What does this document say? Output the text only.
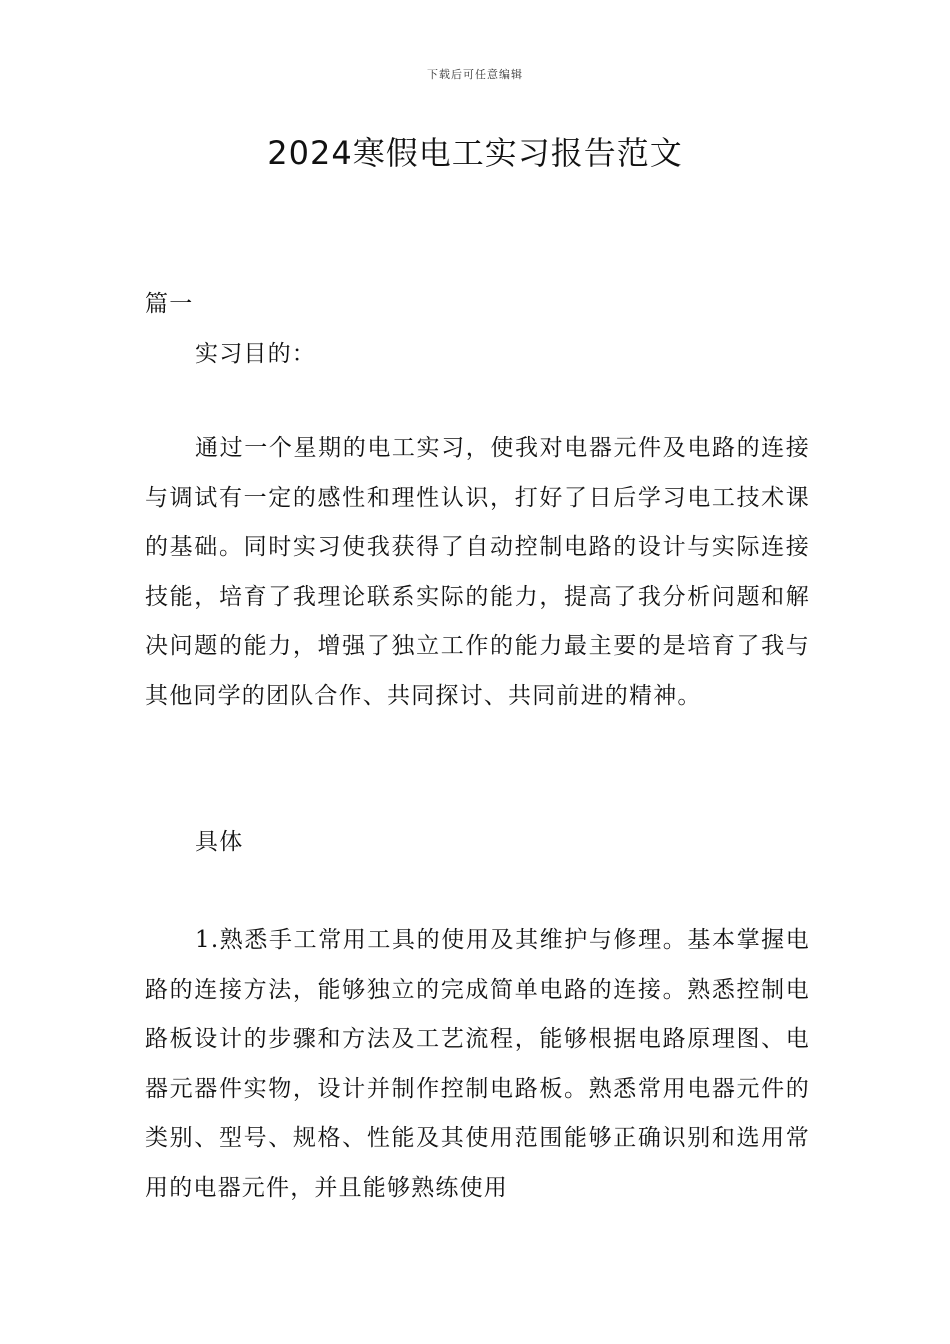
下载后可任意编辑
2024寒假电工实习报告范文
篇一
实习目的：

通过一个星期的电工实习，使我对电器元件及电路的连接与调试有一定的感性和理性认识，打好了日后学习电工技术课的基础。同时实习使我获得了自动控制电路的设计与实际连接技能，培育了我理论联系实际的能力，提高了我分析问题和解决问题的能力，增强了独立工作的能力最主要的是培育了我与其他同学的团队合作、共同探讨、共同前进的精神。

具体

1.熟悉手工常用工具的使用及其维护与修理。基本掌握电路的连接方法，能够独立的完成简单电路的连接。熟悉控制电路板设计的步骤和方法及工艺流程，能够根据电路原理图、电器元器件实物，设计并制作控制电路板。熟悉常用电器元件的类别、型号、规格、性能及其使用范围能够正确识别和选用常用的电器元件，并且能够熟练使用
